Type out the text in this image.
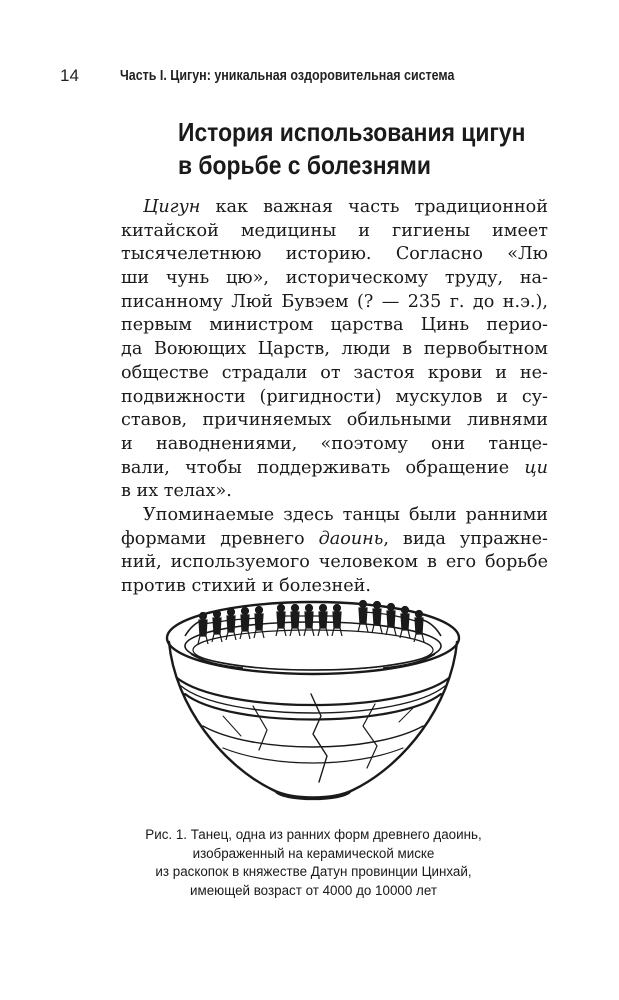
14	Часть I. Цигун: уникальная оздоровительная система
История использования цигун
в борьбе с болезнями
Цигун как важная часть традиционной
китайской медицины и гигиены имеет
тысячелетнюю историю. Согласно «Лю
ши чунь цю», историческому труду, на-
писанному Люй Бувэем (? — 235 г. до н.э.),
первым министром царства Цинь перио-
да Воюющих Царств, люди в первобытном
обществе страдали от застоя крови и не-
подвижности (ригидности) мускулов и су-
ставов, причиняемых обильными ливнями
и наводнениями, «поэтому они танце-
вали, чтобы поддерживать обращение ци
в их телах».
Упоминаемые здесь танцы были ранними
формами древнего даоинь, вида упражне-
ний, используемого человеком в его борьбе
против стихий и болезней.
Рис. 1. Танец, одна из ранних форм древнего даоинь,
изображенный на керамической миске
из раскопок в княжестве Датун провинции Цинхай,
имеющей возраст от 4000 до 10000 лет
